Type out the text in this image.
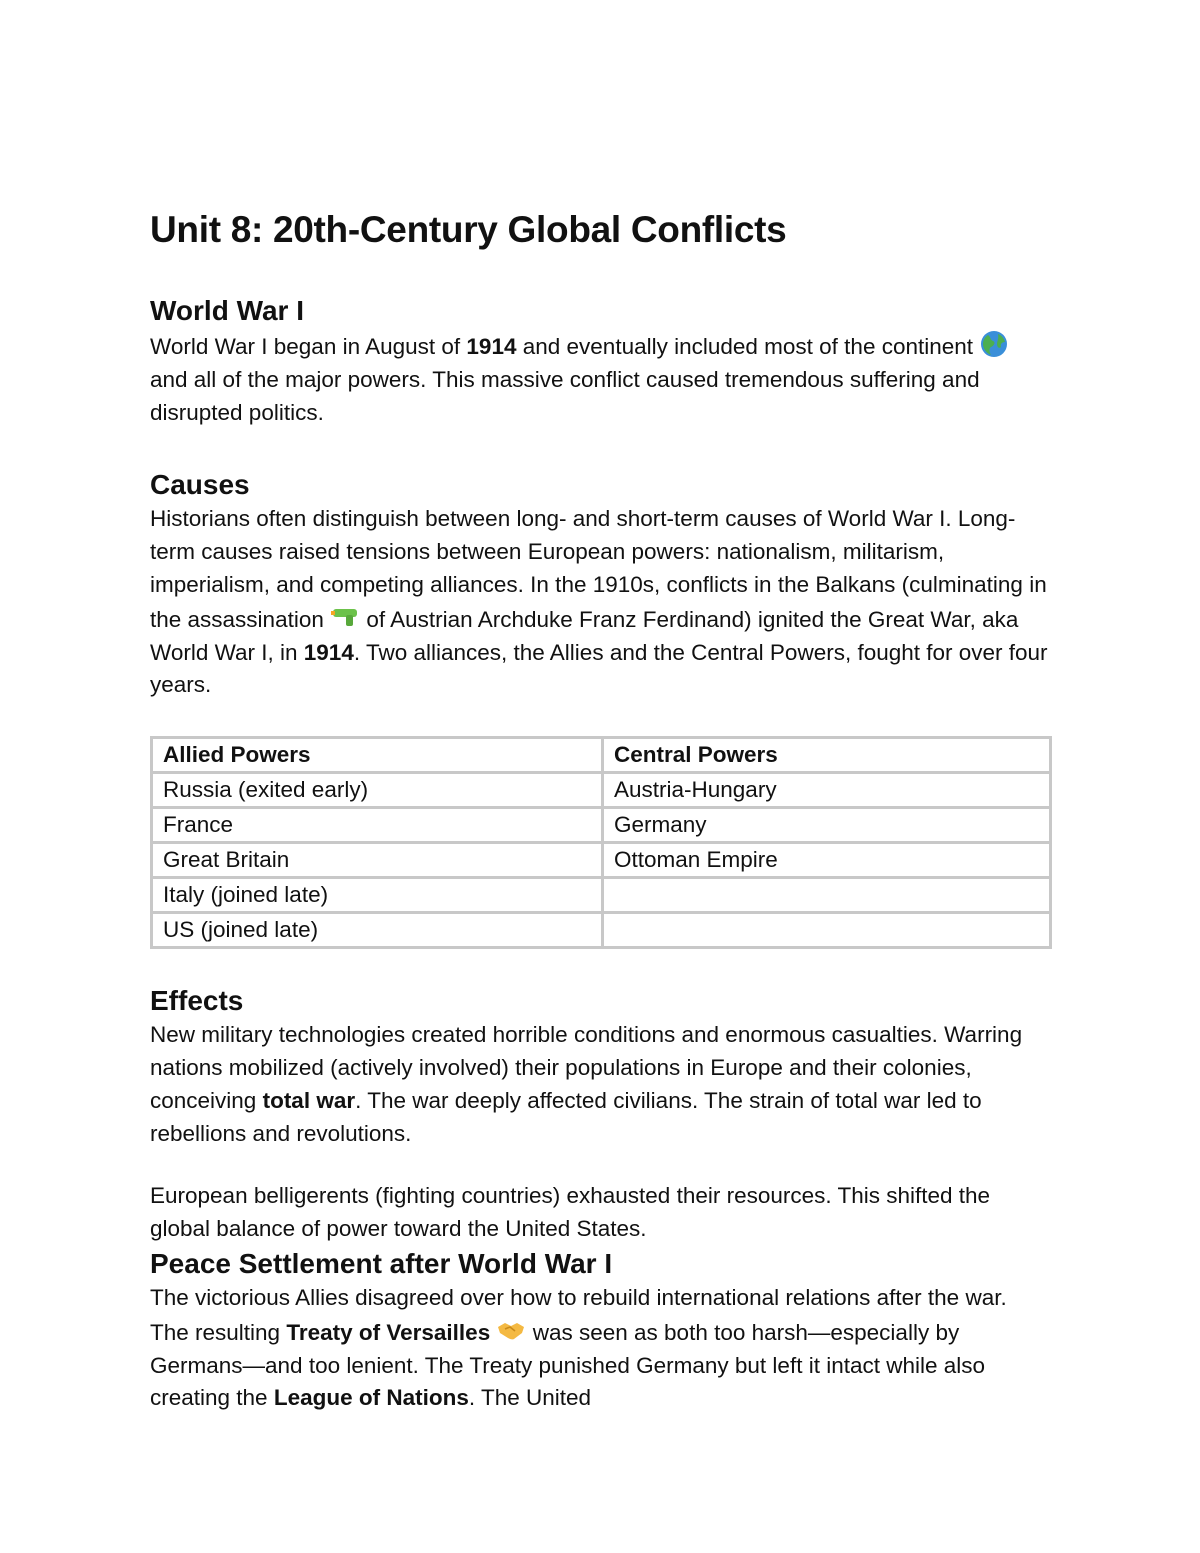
Unit 8: 20th-Century Global Conflicts
World War I

World War I began in August of 1914 and eventually included most of the continent  and all of the major powers. This massive conflict caused tremendous suffering and disrupted politics.

Causes

Historians often distinguish between long- and short-term causes of World War I. Long-term causes raised tensions between European powers: nationalism, militarism, imperialism, and competing alliances. In the 1910s, conflicts in the Balkans (culminating in the assassination  of Austrian Archduke Franz Ferdinand) ignited the Great War, aka World War I, in 1914. Two alliances, the Allies and the Central Powers, fought for over four years.

Allied Powers	Central Powers
Russia (exited early)	Austria-Hungary
France	Germany
Great Britain	Ottoman Empire
Italy (joined late)	
US (joined late)	
Effects

New military technologies created horrible conditions and enormous casualties. Warring nations mobilized (actively involved) their populations in Europe and their colonies, conceiving total war. The war deeply affected civilians. The strain of total war led to rebellions and revolutions.

European belligerents (fighting countries) exhausted their resources. This shifted the global balance of power toward the United States.

Peace Settlement after World War I

The victorious Allies disagreed over how to rebuild international relations after the war. The resulting Treaty of Versailles  was seen as both too harsh—especially by Germans—and too lenient. The Treaty punished Germany but left it intact while also creating the League of Nations. The United
